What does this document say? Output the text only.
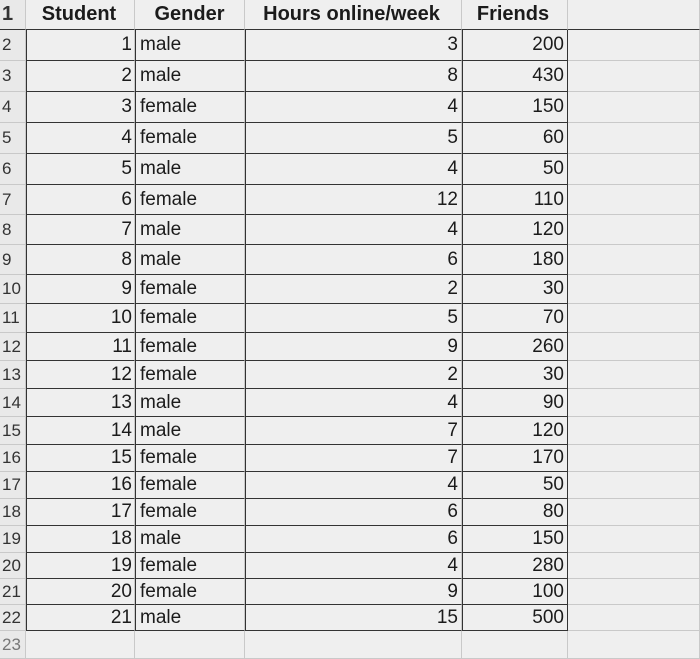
1	Student	Gender	Hours online/week	Friends
2	1 male	3	200
3	2 male	8	430
4	3 female	4	150
5	4 female	5	60
6	5 male	4	50
7	6 female	12	110
8	7 male	4	120
9	8 male	6	180
10	9 female	2	30
11	10 female	5	70
12	11 female	9	260
13	12 female	2	30
14	13 male	4	90
15	14 male	7	120
16	15 female	7	170
17	16 female	4	50
18	17 female	6	80
19	18 male	6	150
20	19 female	4	280
21	20 female	9	100
22	21 male	15	500
23
